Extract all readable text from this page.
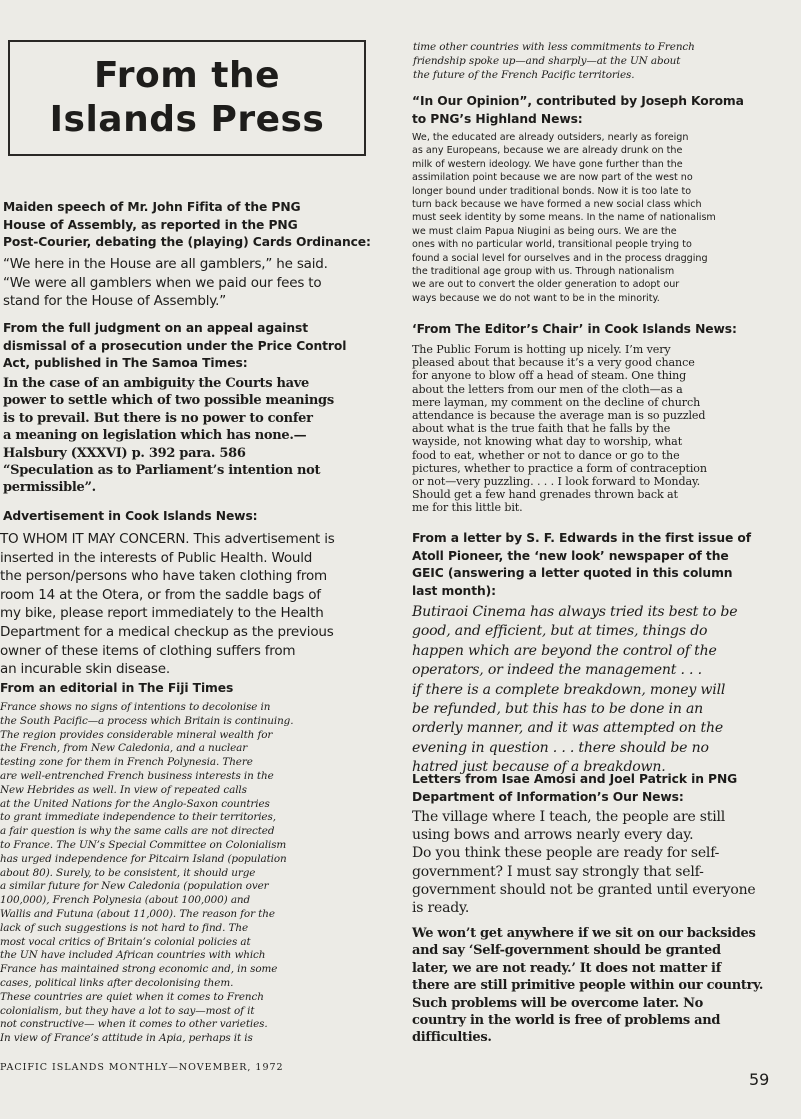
From the
Islands Press
Maiden speech of Mr. John Fifita of the PNG
House of Assembly, as reported in the PNG
Post-Courier, debating the (playing) Cards Ordinance:
“We here in the House are all gamblers,” he said.
“We were all gamblers when we paid our fees to
stand for the House of Assembly.”
From the full judgment on an appeal against
dismissal of a prosecution under the Price Control
Act, published in The Samoa Times:
In the case of an ambiguity the Courts have
power to settle which of two possible meanings
is to prevail. But there is no power to confer
a meaning on legislation which has none.—
Halsbury (XXXVI) p. 392 para. 586
“Speculation as to Parliament’s intention not
permissible”.
Advertisement in Cook Islands News:
TO WHOM IT MAY CONCERN. This advertisement is
inserted in the interests of Public Health. Would
the person/persons who have taken clothing from
room 14 at the Otera, or from the saddle bags of
my bike, please report immediately to the Health
Department for a medical checkup as the previous
owner of these items of clothing suffers from
an incurable skin disease.
From an editorial in The Fiji Times
France shows no signs of intentions to decolonise in
the South Pacific—a process which Britain is continuing.
The region provides considerable mineral wealth for
the French, from New Caledonia, and a nuclear
testing zone for them in French Polynesia. There
are well-entrenched French business interests in the
New Hebrides as well. In view of repeated calls
at the United Nations for the Anglo-Saxon countries
to grant immediate independence to their territories,
a fair question is why the same calls are not directed
to France. The UN’s Special Committee on Colonialism
has urged independence for Pitcairn Island (population
about 80). Surely, to be consistent, it should urge
a similar future for New Caledonia (population over
100,000), French Polynesia (about 100,000) and
Wallis and Futuna (about 11,000). The reason for the
lack of such suggestions is not hard to find. The
most vocal critics of Britain’s colonial policies at
the UN have included African countries with which
France has maintained strong economic and, in some
cases, political links after decolonising them.
These countries are quiet when it comes to French
colonialism, but they have a lot to say—most of it
not constructive— when it comes to other varieties.
In view of France’s attitude in Apia, perhaps it is
PACIFIC ISLANDS MONTHLY—NOVEMBER, 1972
time other countries with less commitments to French
friendship spoke up—and sharply—at the UN about
the future of the French Pacific territories.
“In Our Opinion”, contributed by Joseph Koroma
to PNG’s Highland News:
We, the educated are already outsiders, nearly as foreign
as any Europeans, because we are already drunk on the
milk of western ideology. We have gone further than the
assimilation point because we are now part of the west no
longer bound under traditional bonds. Now it is too late to
turn back because we have formed a new social class which
must seek identity by some means. In the name of nationalism
we must claim Papua Niugini as being ours. We are the
ones with no particular world, transitional people trying to
found a social level for ourselves and in the process dragging
the traditional age group with us. Through nationalism
we are out to convert the older generation to adopt our
ways because we do not want to be in the minority.
‘From The Editor’s Chair’ in Cook Islands News:
The Public Forum is hotting up nicely. I’m very
pleased about that because it’s a very good chance
for anyone to blow off a head of steam. One thing
about the letters from our men of the cloth—as a
mere layman, my comment on the decline of church
attendance is because the average man is so puzzled
about what is the true faith that he falls by the
wayside, not knowing what day to worship, what
food to eat, whether or not to dance or go to the
pictures, whether to practice a form of contraception
or not—very puzzling. . . . I look forward to Monday.
Should get a few hand grenades thrown back at
me for this little bit.
From a letter by S. F. Edwards in the first issue of
Atoll Pioneer, the ‘new look’ newspaper of the
GEIC (answering a letter quoted in this column
last month):
Butiraoi Cinema has always tried its best to be
good, and efficient, but at times, things do
happen which are beyond the control of the
operators, or indeed the management . . .
if there is a complete breakdown, money will
be refunded, but this has to be done in an
orderly manner, and it was attempted on the
evening in question . . . there should be no
hatred just because of a breakdown.
Letters from Isae Amosi and Joel Patrick in PNG
Department of Information’s Our News:
The village where I teach, the people are still
using bows and arrows nearly every day.
Do you think these people are ready for self-
government? I must say strongly that self-
government should not be granted until everyone
is ready.
We won’t get anywhere if we sit on our backsides
and say ‘Self-government should be granted
later, we are not ready.’ It does not matter if
there are still primitive people within our country.
Such problems will be overcome later. No
country in the world is free of problems and
difficulties.
59
